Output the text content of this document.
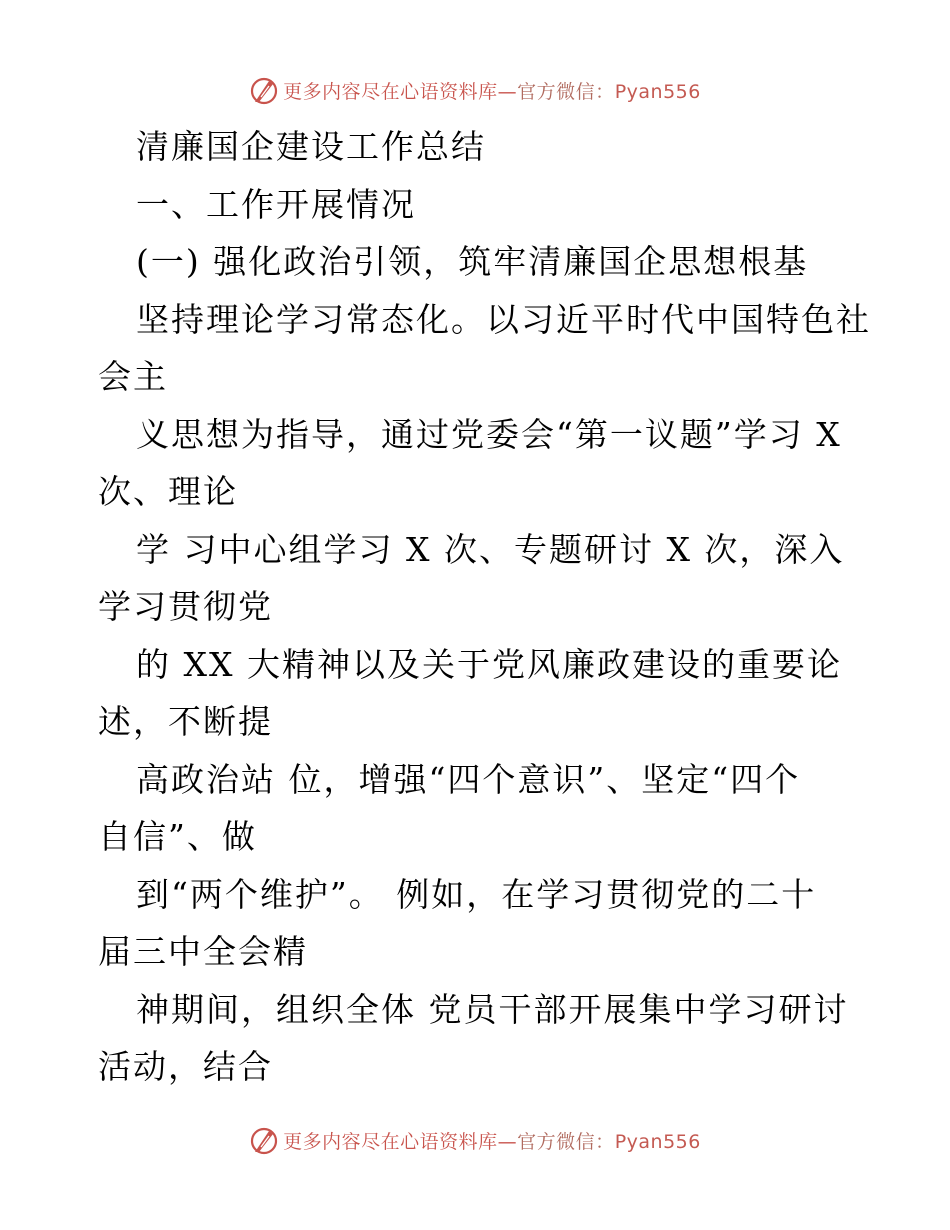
更多内容尽在心语资料库—官方微信：Pyan556
清廉国企建设工作总结
一、工作开展情况
(一) 强化政治引领，筑牢清廉国企思想根基
坚持理论学习常态化。以习近平时代中国特色社
会主
义思想为指导，通过党委会“第一议题”学习 X
次、理论
学 习中心组学习 X 次、专题研讨 X 次，深入
学习贯彻党
的 XX 大精神以及关于党风廉政建设的重要论
述，不断提
高政治站 位，增强“四个意识”、坚定“四个
自信”、做
到“两个维护”。 例如，在学习贯彻党的二十
届三中全会精
神期间，组织全体 党员干部开展集中学习研讨
活动，结合
更多内容尽在心语资料库—官方微信：Pyan556
